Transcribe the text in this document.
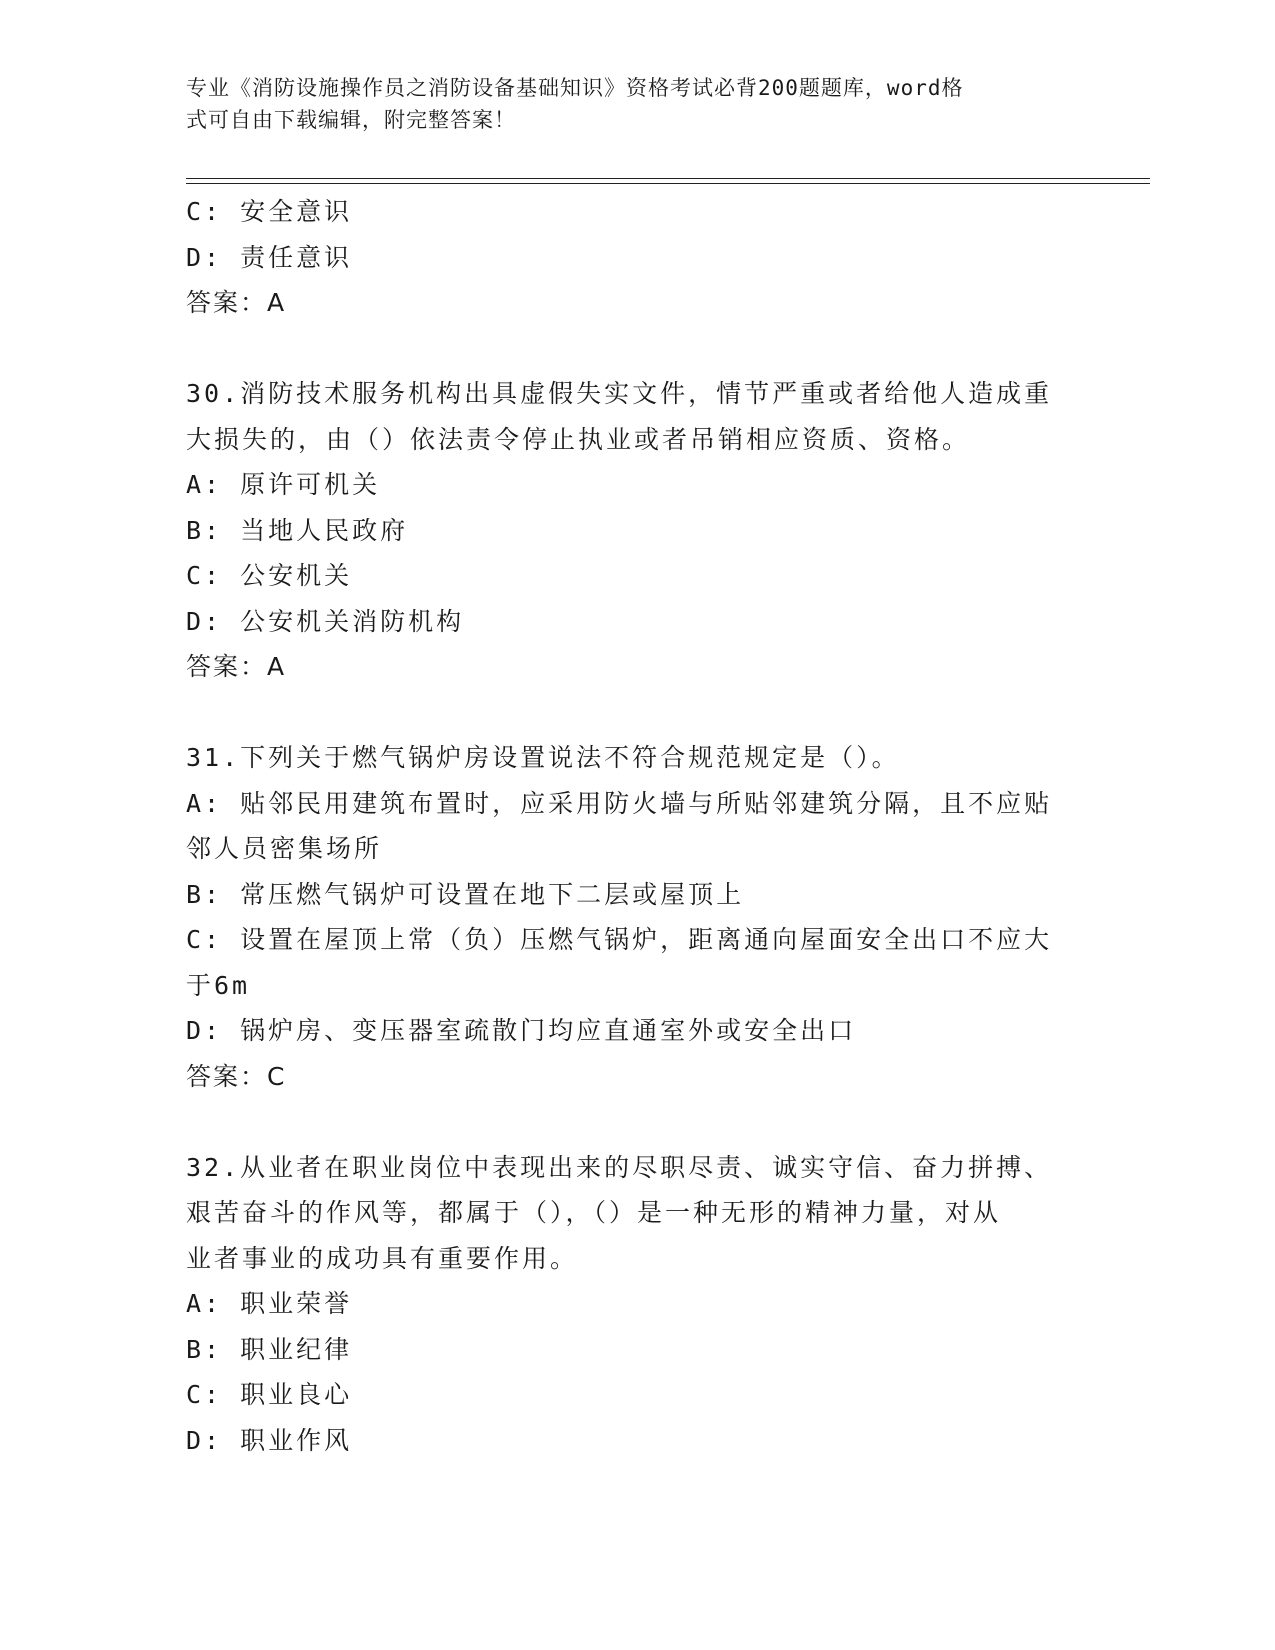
专业《消防设施操作员之消防设备基础知识》资格考试必背200题题库，word格
式可自由下载编辑，附完整答案！
C: 安全意识
D: 责任意识
答案：A
30.消防技术服务机构出具虚假失实文件，情节严重或者给他人造成重
大损失的，由（）依法责令停止执业或者吊销相应资质、资格。
A: 原许可机关
B: 当地人民政府
C: 公安机关
D: 公安机关消防机构
答案：A
31.下列关于燃气锅炉房设置说法不符合规范规定是（）。
A: 贴邻民用建筑布置时，应采用防火墙与所贴邻建筑分隔，且不应贴
邻人员密集场所
B: 常压燃气锅炉可设置在地下二层或屋顶上
C: 设置在屋顶上常（负）压燃气锅炉，距离通向屋面安全出口不应大
于6m
D: 锅炉房、变压器室疏散门均应直通室外或安全出口
答案：C
32.从业者在职业岗位中表现出来的尽职尽责、诚实守信、奋力拼搏、
艰苦奋斗的作风等，都属于（），（）是一种无形的精神力量，对从
业者事业的成功具有重要作用。
A: 职业荣誉
B: 职业纪律
C: 职业良心
D: 职业作风
